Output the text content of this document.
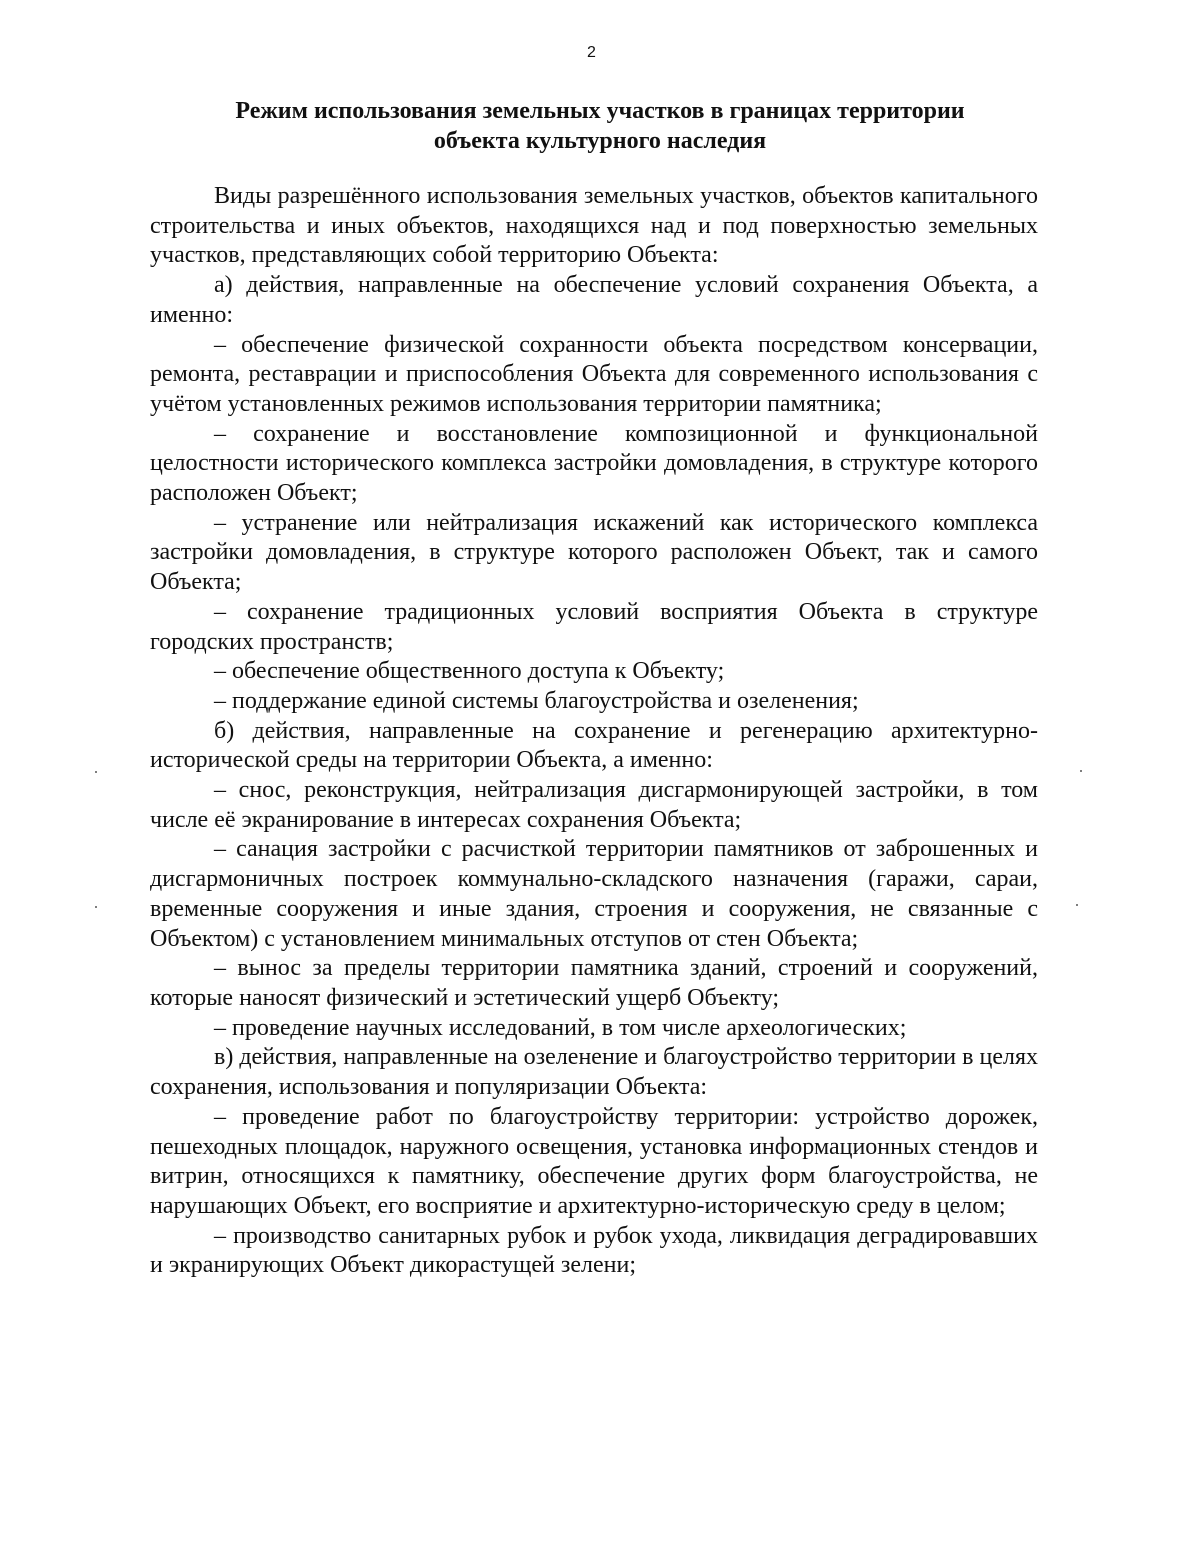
2
Режим использования земельных участков в границах территории
объекта культурного наследия

Виды разрешённого использования земельных участков, объектов капитального строительства и иных объектов, находящихся над и под поверхностью земельных участков, представляющих собой территорию Объекта:

а) действия, направленные на обеспечение условий сохранения Объекта, а именно:

– обеспечение физической сохранности объекта посредством консервации, ремонта, реставрации и приспособления Объекта для современного использования с учётом установленных режимов использования территории памятника;

– сохранение и восстановление композиционной и функциональной целостности исторического комплекса застройки домовладения, в структуре которого расположен Объект;

– устранение или нейтрализация искажений как исторического комплекса застройки домовладения, в структуре которого расположен Объект, так и самого Объекта;

– сохранение традиционных условий восприятия Объекта в структуре городских пространств;

– обеспечение общественного доступа к Объекту;

– поддержание единой системы благоустройства и озеленения;

б) действия, направленные на сохранение и регенерацию архитектурно-исторической среды на территории Объекта, а именно:

– снос, реконструкция, нейтрализация дисгармонирующей застройки, в том числе её экранирование в интересах сохранения Объекта;

– санация застройки с расчисткой территории памятников от заброшенных и дисгармоничных построек коммунально-складского назначения (гаражи, сараи, временные сооружения и иные здания, строения и сооружения, не связанные с Объектом) с установлением минимальных отступов от стен Объекта;

– вынос за пределы территории памятника зданий, строений и сооружений, которые наносят физический и эстетический ущерб Объекту;

– проведение научных исследований, в том числе археологических;

в) действия, направленные на озеленение и благоустройство территории в целях сохранения, использования и популяризации Объекта:

– проведение работ по благоустройству территории: устройство дорожек, пешеходных площадок, наружного освещения, установка информационных стендов и витрин, относящихся к памятнику, обеспечение других форм благоустройства, не нарушающих Объект, его восприятие и архитектурно-историческую среду в целом;

– производство санитарных рубок и рубок ухода, ликвидация деградировавших и экранирующих Объект дикорастущей зелени;
